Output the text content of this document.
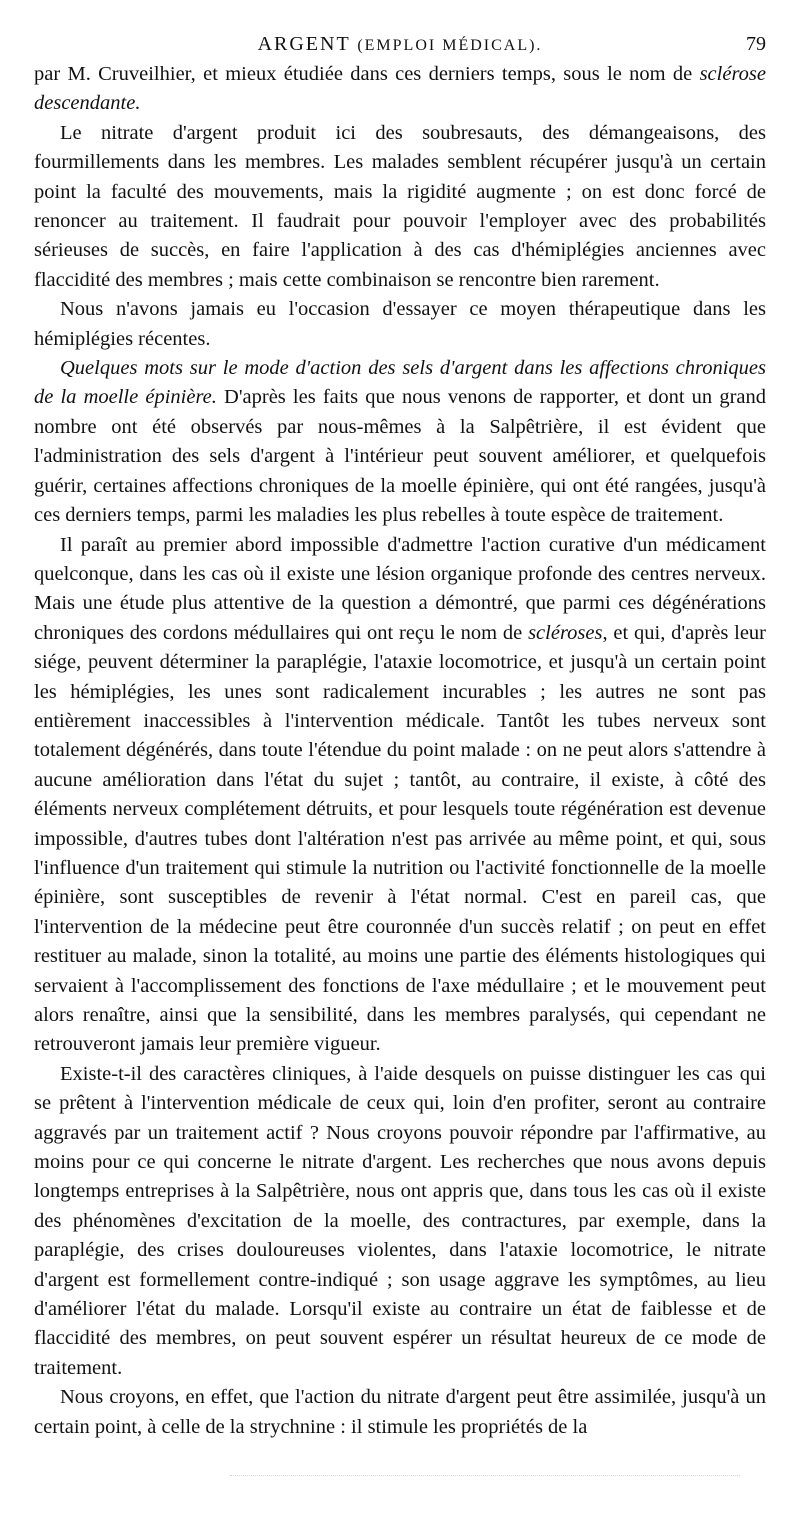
ARGENT (EMPLOI MÉDICAL).	79

par M. Cruveilhier, et mieux étudiée dans ces derniers temps, sous le nom de sclérose descendante.

Le nitrate d'argent produit ici des soubresauts, des démangeaisons, des fourmillements dans les membres. Les malades semblent récupérer jusqu'à un certain point la faculté des mouvements, mais la rigidité augmente ; on est donc forcé de renoncer au traitement. Il faudrait pour pouvoir l'employer avec des probabilités sérieuses de succès, en faire l'application à des cas d'hémiplégies anciennes avec flaccidité des membres ; mais cette combinaison se rencontre bien rarement.

Nous n'avons jamais eu l'occasion d'essayer ce moyen thérapeutique dans les hémiplégies récentes.

Quelques mots sur le mode d'action des sels d'argent dans les affections chroniques de la moelle épinière. D'après les faits que nous venons de rapporter, et dont un grand nombre ont été observés par nous-mêmes à la Salpêtrière, il est évident que l'administration des sels d'argent à l'intérieur peut souvent améliorer, et quelquefois guérir, certaines affections chroniques de la moelle épinière, qui ont été rangées, jusqu'à ces derniers temps, parmi les maladies les plus rebelles à toute espèce de traitement.

Il paraît au premier abord impossible d'admettre l'action curative d'un médicament quelconque, dans les cas où il existe une lésion organique profonde des centres nerveux. Mais une étude plus attentive de la question a démontré, que parmi ces dégénérations chroniques des cordons médullaires qui ont reçu le nom de scléroses, et qui, d'après leur siége, peuvent déterminer la paraplégie, l'ataxie locomotrice, et jusqu'à un certain point les hémiplégies, les unes sont radicalement incurables ; les autres ne sont pas entièrement inaccessibles à l'intervention médicale. Tantôt les tubes nerveux sont totalement dégénérés, dans toute l'étendue du point malade : on ne peut alors s'attendre à aucune amélioration dans l'état du sujet ; tantôt, au contraire, il existe, à côté des éléments nerveux complétement détruits, et pour lesquels toute régénération est devenue impossible, d'autres tubes dont l'altération n'est pas arrivée au même point, et qui, sous l'influence d'un traitement qui stimule la nutrition ou l'activité fonctionnelle de la moelle épinière, sont susceptibles de revenir à l'état normal. C'est en pareil cas, que l'intervention de la médecine peut être couronnée d'un succès relatif ; on peut en effet restituer au malade, sinon la totalité, au moins une partie des éléments histologiques qui servaient à l'accomplissement des fonctions de l'axe médullaire ; et le mouvement peut alors renaître, ainsi que la sensibilité, dans les membres paralysés, qui cependant ne retrouveront jamais leur première vigueur.

Existe-t-il des caractères cliniques, à l'aide desquels on puisse distinguer les cas qui se prêtent à l'intervention médicale de ceux qui, loin d'en profiter, seront au contraire aggravés par un traitement actif ? Nous croyons pouvoir répondre par l'affirmative, au moins pour ce qui concerne le nitrate d'argent. Les recherches que nous avons depuis longtemps entreprises à la Salpêtrière, nous ont appris que, dans tous les cas où il existe des phénomènes d'excitation de la moelle, des contractures, par exemple, dans la paraplégie, des crises douloureuses violentes, dans l'ataxie locomotrice, le nitrate d'argent est formellement contre-indiqué ; son usage aggrave les symptômes, au lieu d'améliorer l'état du malade. Lorsqu'il existe au contraire un état de faiblesse et de flaccidité des membres, on peut souvent espérer un résultat heureux de ce mode de traitement.

Nous croyons, en effet, que l'action du nitrate d'argent peut être assimilée, jusqu'à un certain point, à celle de la strychnine : il stimule les propriétés de la
